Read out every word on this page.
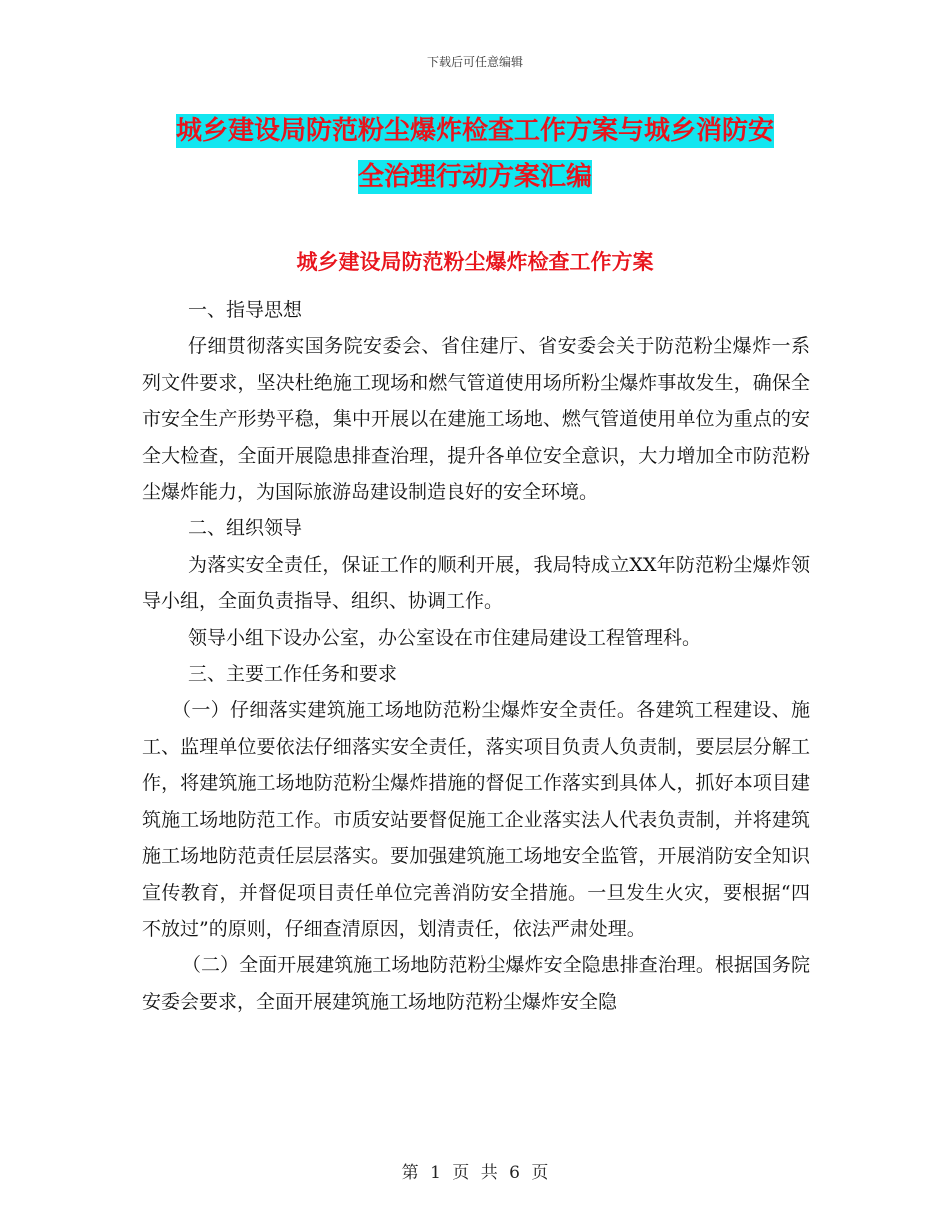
下载后可任意编辑
城乡建设局防范粉尘爆炸检查工作方案与城乡消防安
全治理行动方案汇编
城乡建设局防范粉尘爆炸检查工作方案

一、指导思想

仔细贯彻落实国务院安委会、省住建厅、省安委会关于防范粉尘爆炸一系列文件要求，坚决杜绝施工现场和燃气管道使用场所粉尘爆炸事故发生，确保全市安全生产形势平稳，集中开展以在建施工场地、燃气管道使用单位为重点的安全大检查，全面开展隐患排查治理，提升各单位安全意识，大力增加全市防范粉尘爆炸能力，为国际旅游岛建设制造良好的安全环境。

二、组织领导

为落实安全责任，保证工作的顺利开展，我局特成立XX年防范粉尘爆炸领导小组，全面负责指导、组织、协调工作。

领导小组下设办公室，办公室设在市住建局建设工程管理科。

三、主要工作任务和要求

（一）仔细落实建筑施工场地防范粉尘爆炸安全责任。各建筑工程建设、施工、监理单位要依法仔细落实安全责任，落实项目负责人负责制，要层层分解工作，将建筑施工场地防范粉尘爆炸措施的督促工作落实到具体人，抓好本项目建筑施工场地防范工作。市质安站要督促施工企业落实法人代表负责制，并将建筑施工场地防范责任层层落实。要加强建筑施工场地安全监管，开展消防安全知识宣传教育，并督促项目责任单位完善消防安全措施。一旦发生火灾，要根据“四不放过”的原则，仔细查清原因，划清责任，依法严肃处理。

（二）全面开展建筑施工场地防范粉尘爆炸安全隐患排查治理。根据国务院安委会要求，全面开展建筑施工场地防范粉尘爆炸安全隐

第 1 页 共 6 页
